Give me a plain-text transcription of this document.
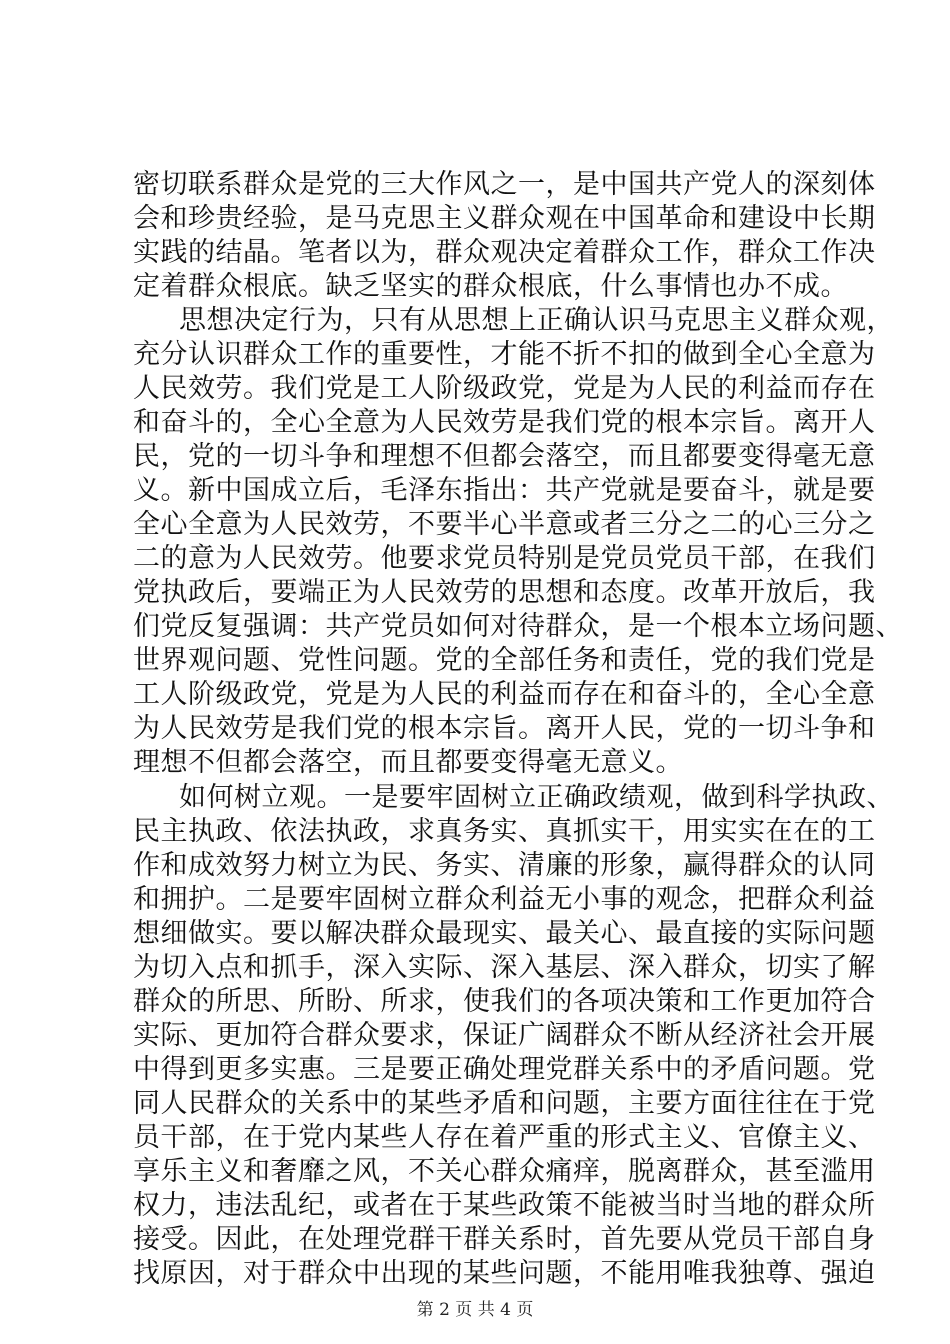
密切联系群众是党的三大作风之一，是中国共产党人的深刻体
会和珍贵经验，是马克思主义群众观在中国革命和建设中长期
实践的结晶。笔者以为，群众观决定着群众工作，群众工作决
定着群众根底。缺乏坚实的群众根底，什么事情也办不成。
思想决定行为，只有从思想上正确认识马克思主义群众观，
充分认识群众工作的重要性，才能不折不扣的做到全心全意为
人民效劳。我们党是工人阶级政党，党是为人民的利益而存在
和奋斗的，全心全意为人民效劳是我们党的根本宗旨。离开人
民，党的一切斗争和理想不但都会落空，而且都要变得毫无意
义。新中国成立后，毛泽东指出：共产党就是要奋斗，就是要
全心全意为人民效劳，不要半心半意或者三分之二的心三分之
二的意为人民效劳。他要求党员特别是党员党员干部，在我们
党执政后，要端正为人民效劳的思想和态度。改革开放后，我
们党反复强调：共产党员如何对待群众，是一个根本立场问题、
世界观问题、党性问题。党的全部任务和责任，党的我们党是
工人阶级政党，党是为人民的利益而存在和奋斗的，全心全意
为人民效劳是我们党的根本宗旨。离开人民，党的一切斗争和
理想不但都会落空，而且都要变得毫无意义。
如何树立观。一是要牢固树立正确政绩观，做到科学执政、
民主执政、依法执政，求真务实、真抓实干，用实实在在的工
作和成效努力树立为民、务实、清廉的形象，赢得群众的认同
和拥护。二是要牢固树立群众利益无小事的观念，把群众利益
想细做实。要以解决群众最现实、最关心、最直接的实际问题
为切入点和抓手，深入实际、深入基层、深入群众，切实了解
群众的所思、所盼、所求，使我们的各项决策和工作更加符合
实际、更加符合群众要求，保证广阔群众不断从经济社会开展
中得到更多实惠。三是要正确处理党群关系中的矛盾问题。党
同人民群众的关系中的某些矛盾和问题，主要方面往往在于党
员干部，在于党内某些人存在着严重的形式主义、官僚主义、
享乐主义和奢靡之风，不关心群众痛痒，脱离群众，甚至滥用
权力，违法乱纪，或者在于某些政策不能被当时当地的群众所
接受。因此，在处理党群干群关系时，首先要从党员干部自身
找原因，对于群众中出现的某些问题，不能用唯我独尊、强迫
第 2 页 共 4 页
